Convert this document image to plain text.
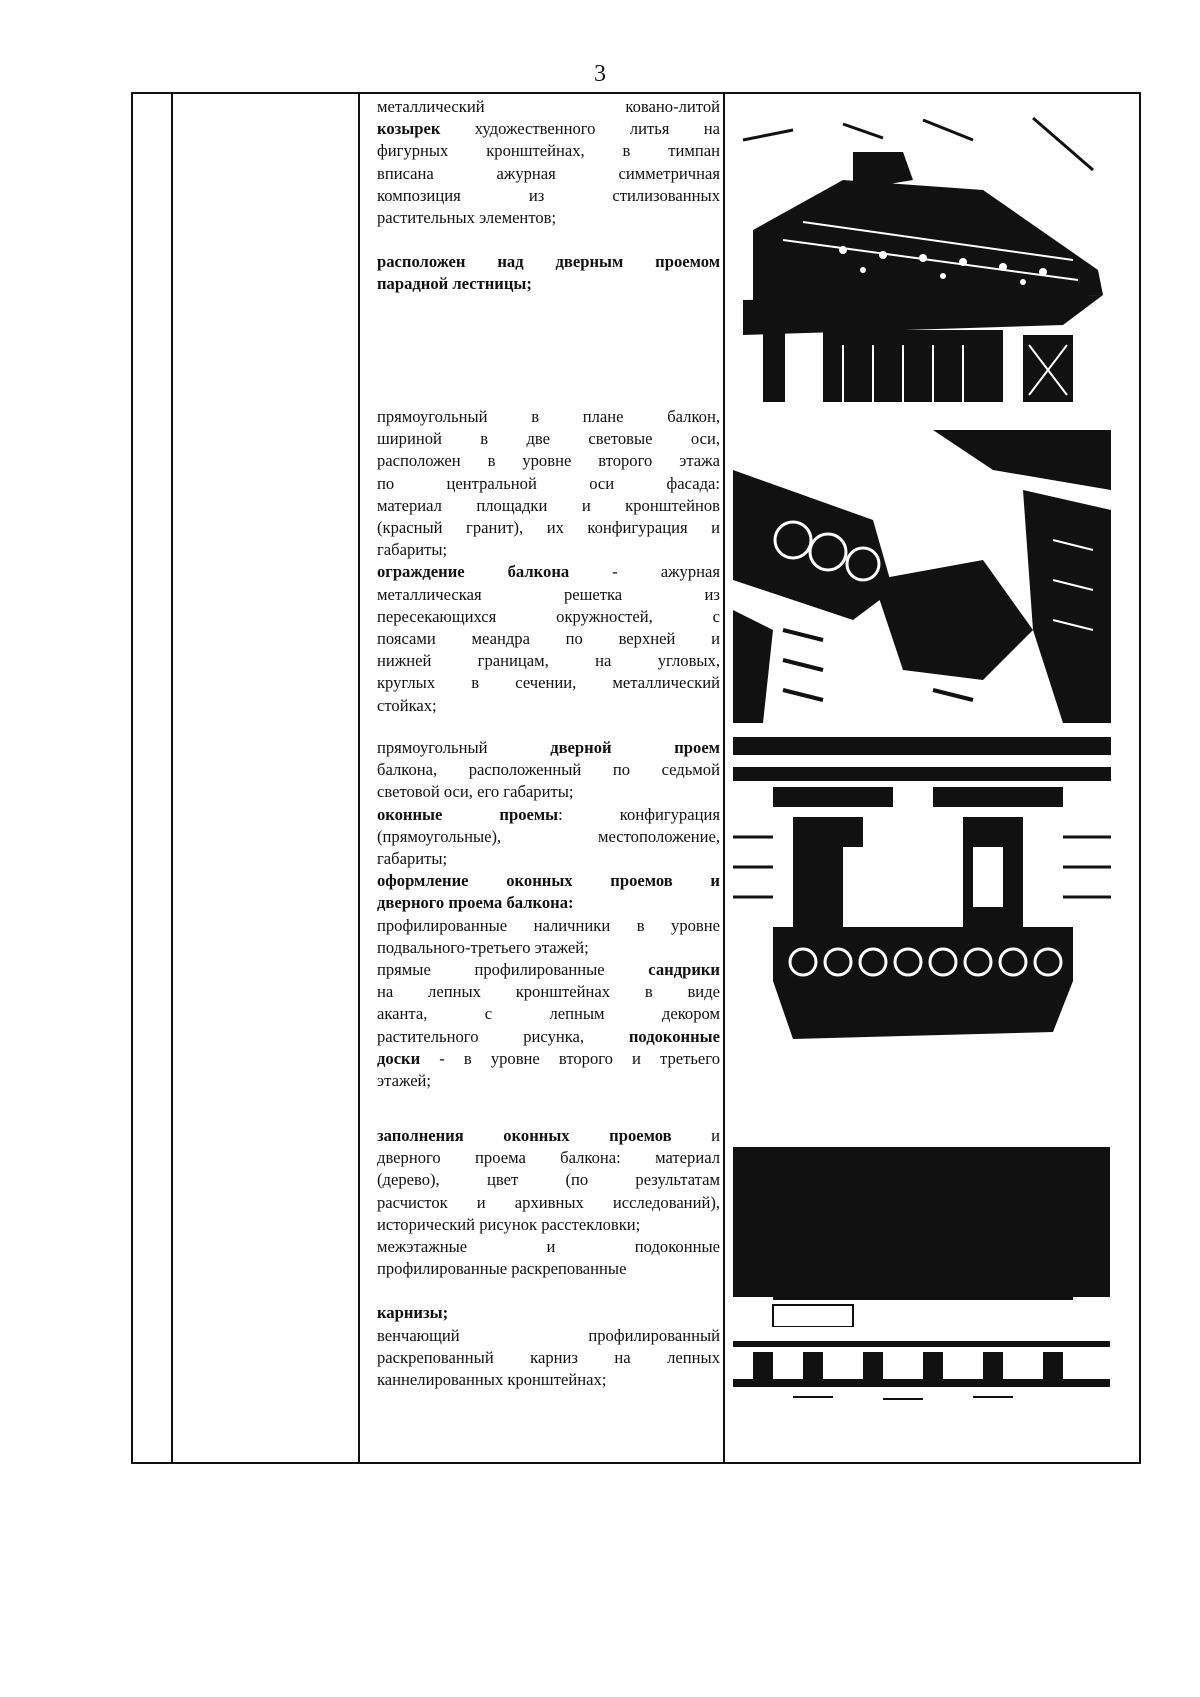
3

металлический кованo-литой

козырек художественного литья на

фигурных кронштейнах, в тимпан

вписана ажурная симметричная

композиция из стилизованных

растительных элементов;

расположен над дверным проемом

парадной лестницы;

прямоугольный в плане балкон,

шириной в две световые оси,

расположен в уровне второго этажа

по центральной оси фасада:

материал площадки и кронштейнов

(красный гранит), их конфигурация и

габариты;

ограждение балкона - ажурная

металлическая решетка из

пересекающихся окружностей, с

поясами меандра по верхней и

нижней границам, на угловых,

круглых в сечении, металлический

стойках;

прямоугольный дверной проем

балкона, расположенный по седьмой

световой оси, его габариты;

оконные проемы: конфигурация

(прямоугольные), местоположение,

габариты;

оформление оконных проемов и

дверного проема балкона:

профилированные наличники в уровне

подвального-третьего этажей;

прямые профилированные сандрики

на лепных кронштейнах в виде

аканта, с лепным декором

растительного рисунка, подоконные

доски - в уровне второго и третьего

этажей;

заполнения оконных проемов и

дверного проема балкона: материал

(дерево), цвет (по результатам

расчисток и архивных исследований),

исторический рисунок расстекловки;

межэтажные и подоконные

профилированные раскрепованные

карнизы;

венчающий профилированный

раскрепованный карниз на лепных

каннелированных кронштейнах;
